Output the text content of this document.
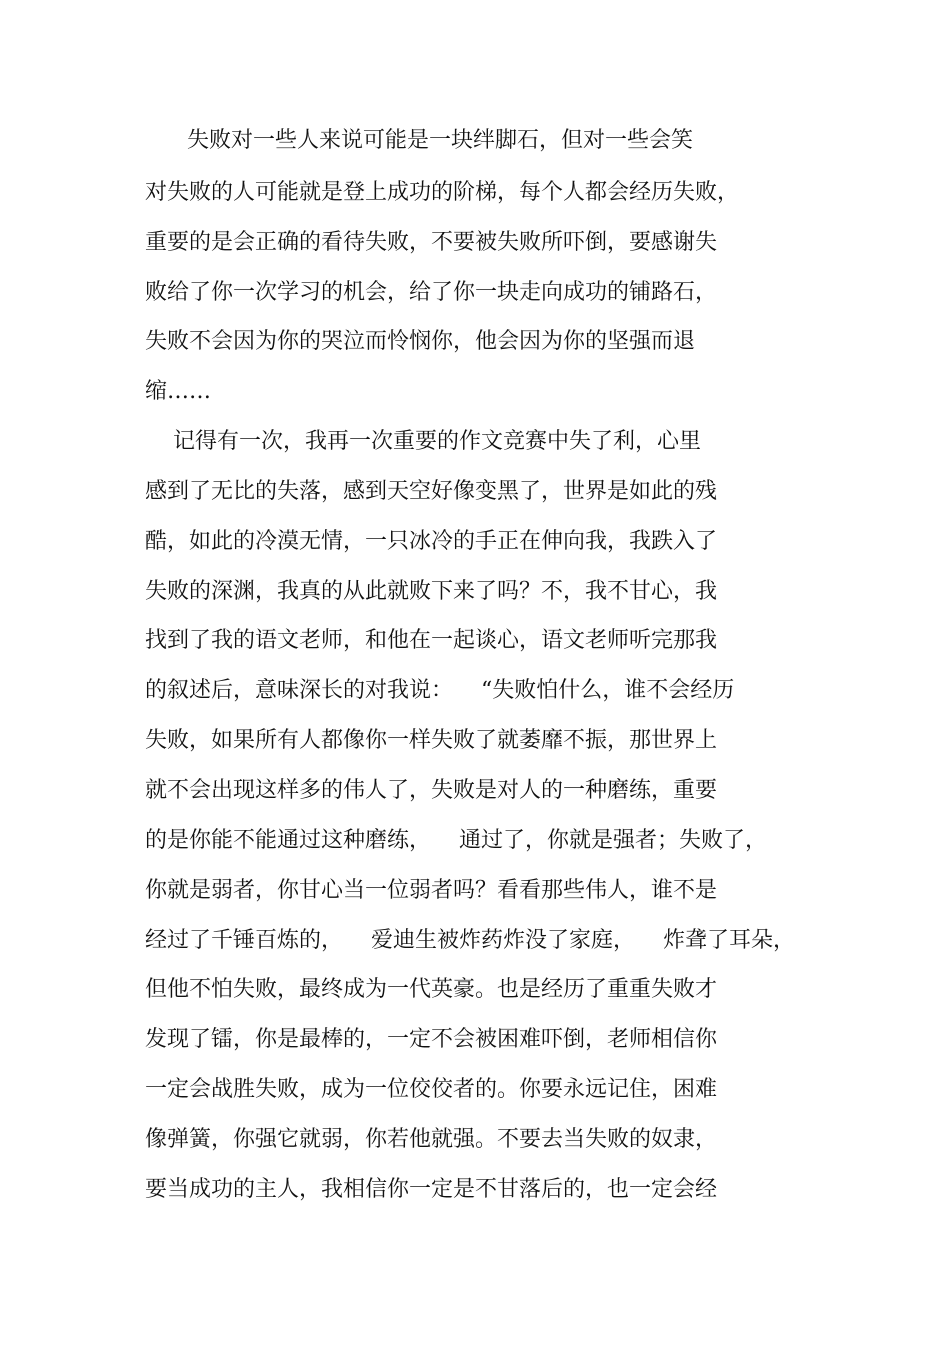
失败对一些人来说可能是一块绊脚石，但对一些会笑
对失败的人可能就是登上成功的阶梯，每个人都会经历失败，
重要的是会正确的看待失败，不要被失败所吓倒，要感谢失
败给了你一次学习的机会，给了你一块走向成功的铺路石，
失败不会因为你的哭泣而怜悯你，他会因为你的坚强而退
缩……
记得有一次，我再一次重要的作文竞赛中失了利，心里
感到了无比的失落，感到天空好像变黑了，世界是如此的残
酷，如此的冷漠无情，一只冰冷的手正在伸向我，我跌入了
失败的深渊，我真的从此就败下来了吗？不，我不甘心，我
找到了我的语文老师，和他在一起谈心，语文老师听完那我
的叙述后，意味深长的对我说：    “失败怕什么，谁不会经历
失败，如果所有人都像你一样失败了就萎靡不振，那世界上
就不会出现这样多的伟人了，失败是对人的一种磨练，重要
的是你能不能通过这种磨练，    通过了，你就是强者；失败了，
你就是弱者，你甘心当一位弱者吗？看看那些伟人，谁不是
经过了千锤百炼的，    爱迪生被炸药炸没了家庭，    炸聋了耳朵，
但他不怕失败，最终成为一代英豪。也是经历了重重失败才
发现了镭，你是最棒的，一定不会被困难吓倒，老师相信你
一定会战胜失败，成为一位佼佼者的。你要永远记住，困难
像弹簧，你强它就弱，你若他就强。不要去当失败的奴隶，
要当成功的主人，我相信你一定是不甘落后的，也一定会经
